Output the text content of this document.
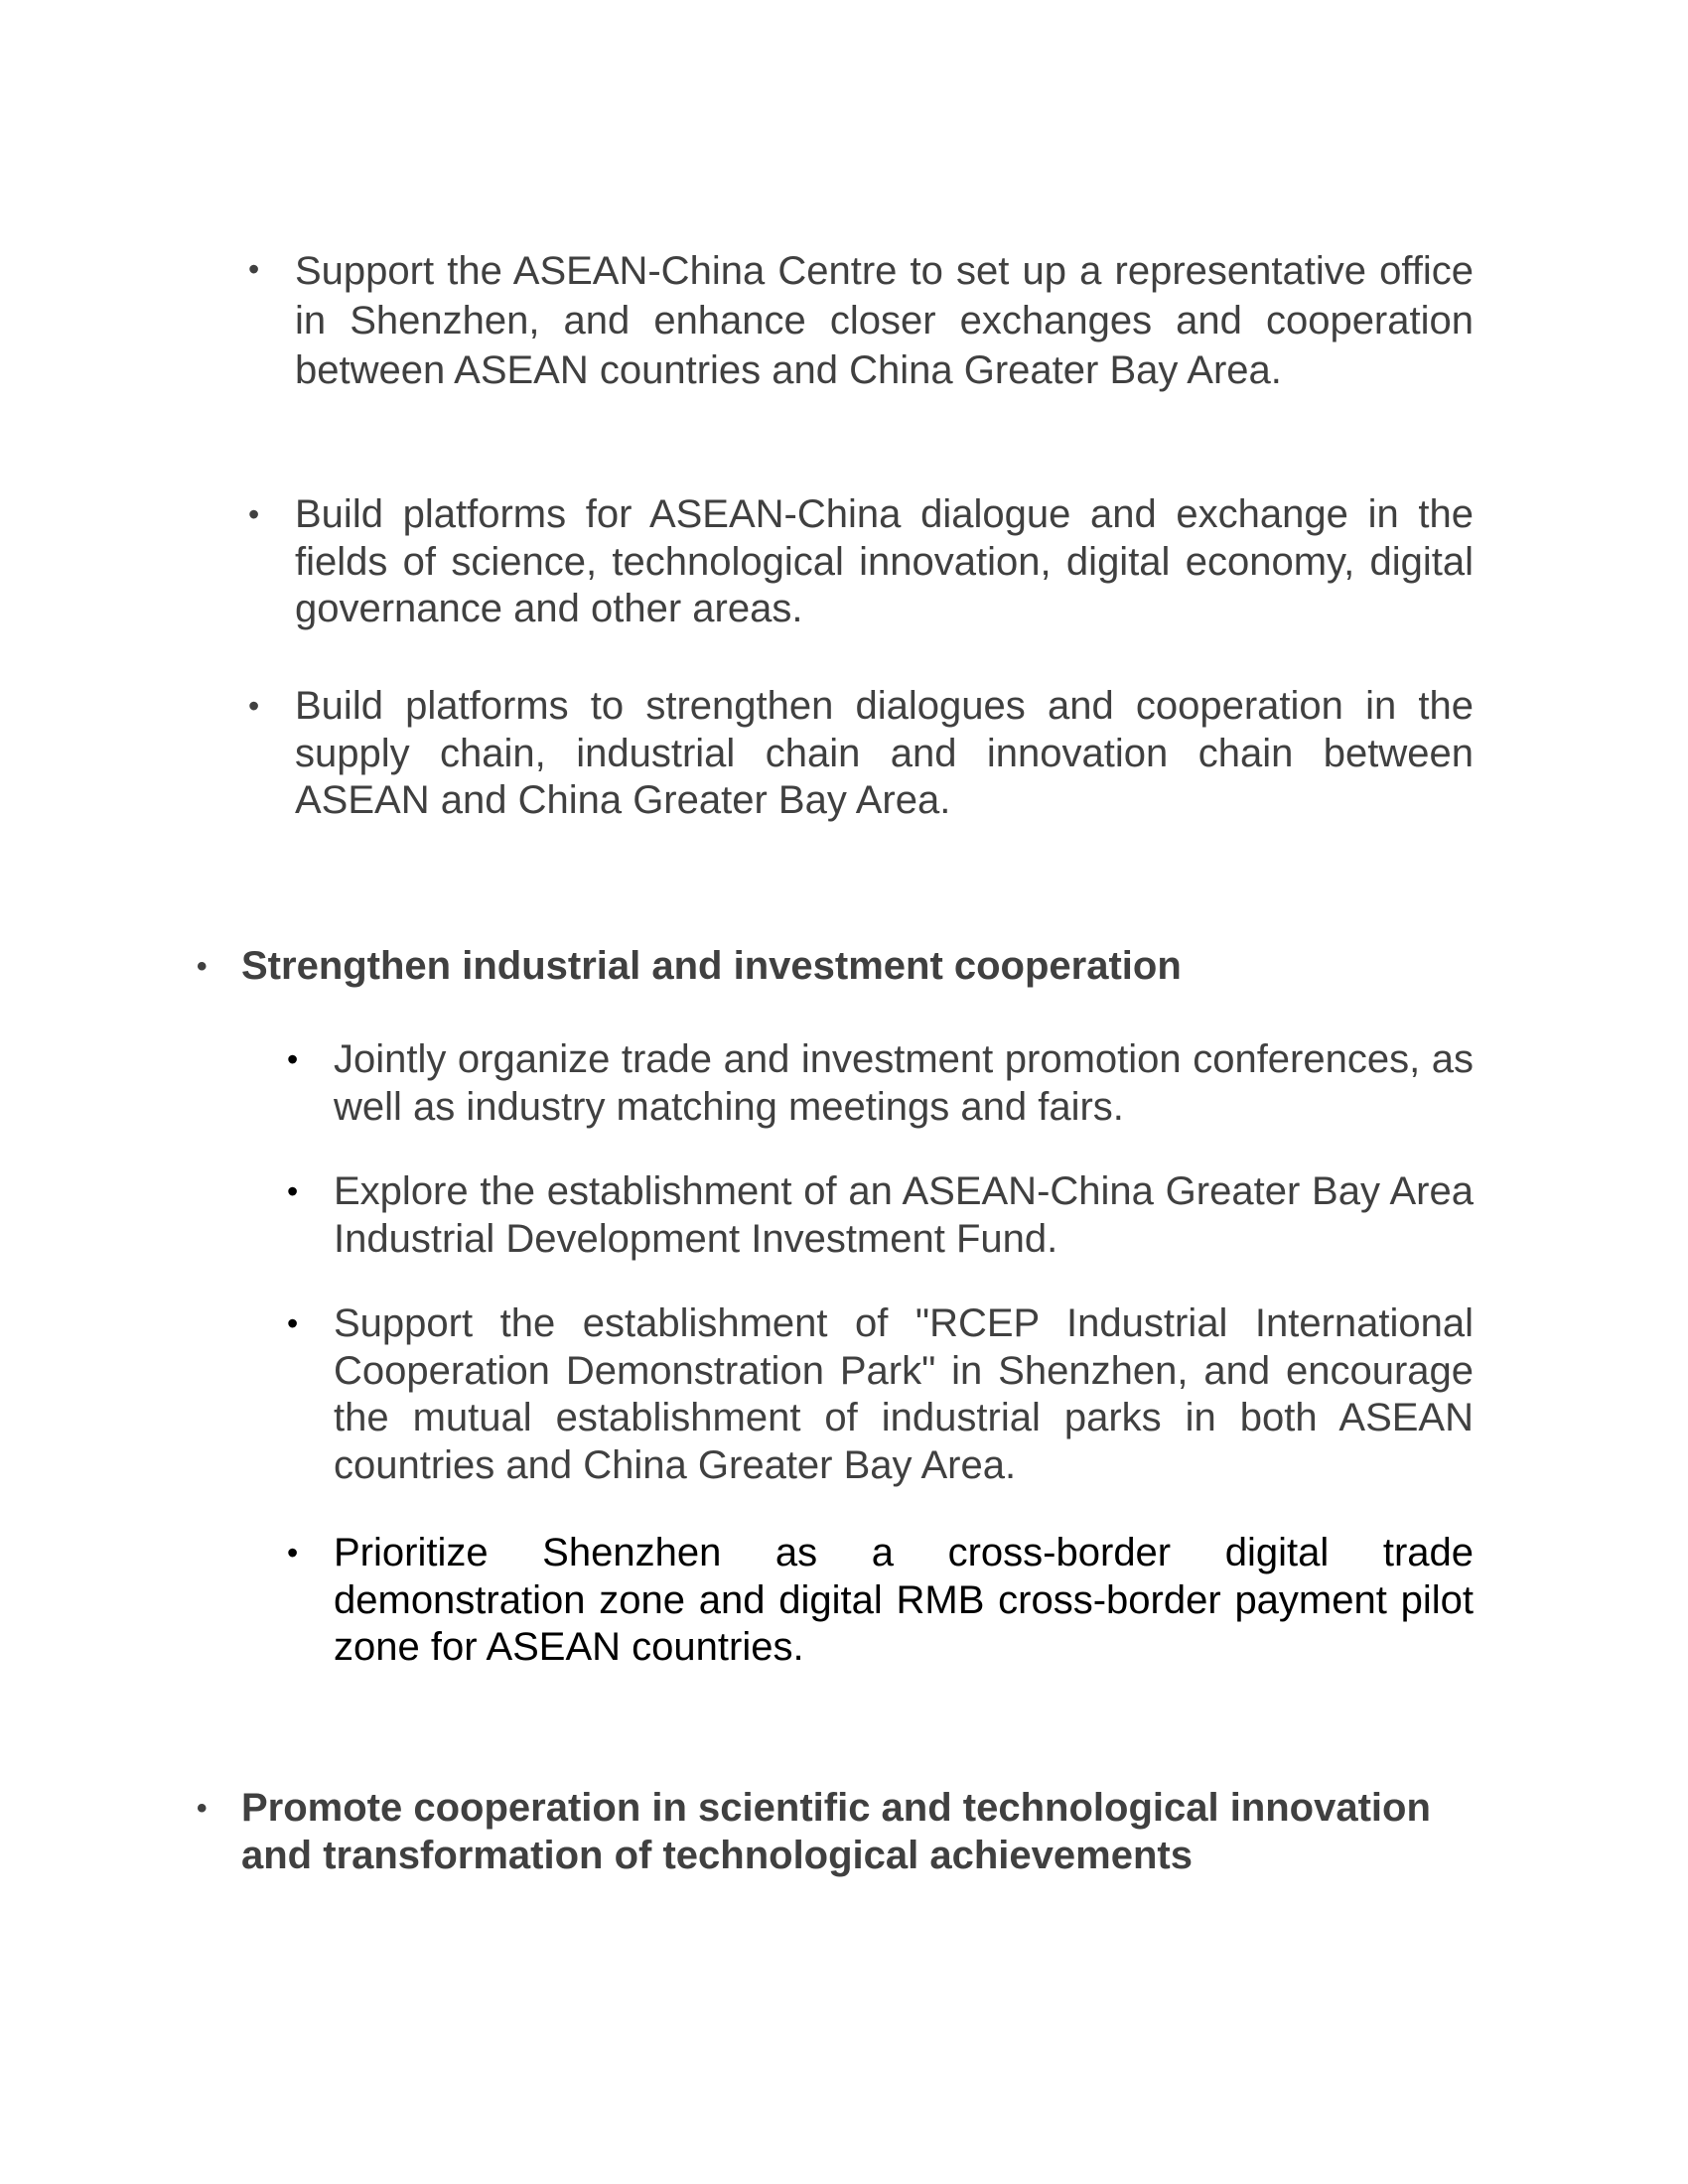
• Support the ASEAN-China Centre to set up a representative office in Shenzhen, and enhance closer exchanges and cooperation between ASEAN countries and China Greater Bay Area.

• Build platforms for ASEAN-China dialogue and exchange in the fields of science, technological innovation, digital economy, digital governance and other areas.

• Build platforms to strengthen dialogues and cooperation in the supply chain, industrial chain and innovation chain between ASEAN and China Greater Bay Area.

• Strengthen industrial and investment cooperation

• Jointly organize trade and investment promotion conferences, as well as industry matching meetings and fairs.

• Explore the establishment of an ASEAN-China Greater Bay Area Industrial Development Investment Fund.

• Support the establishment of "RCEP Industrial International Cooperation Demonstration Park" in Shenzhen, and encourage the mutual establishment of industrial parks in both ASEAN countries and China Greater Bay Area.

• Prioritize Shenzhen as a cross-border digital trade demonstration zone and digital RMB cross-border payment pilot zone for ASEAN countries.

• Promote cooperation in scientific and technological innovation and transformation of technological achievements
